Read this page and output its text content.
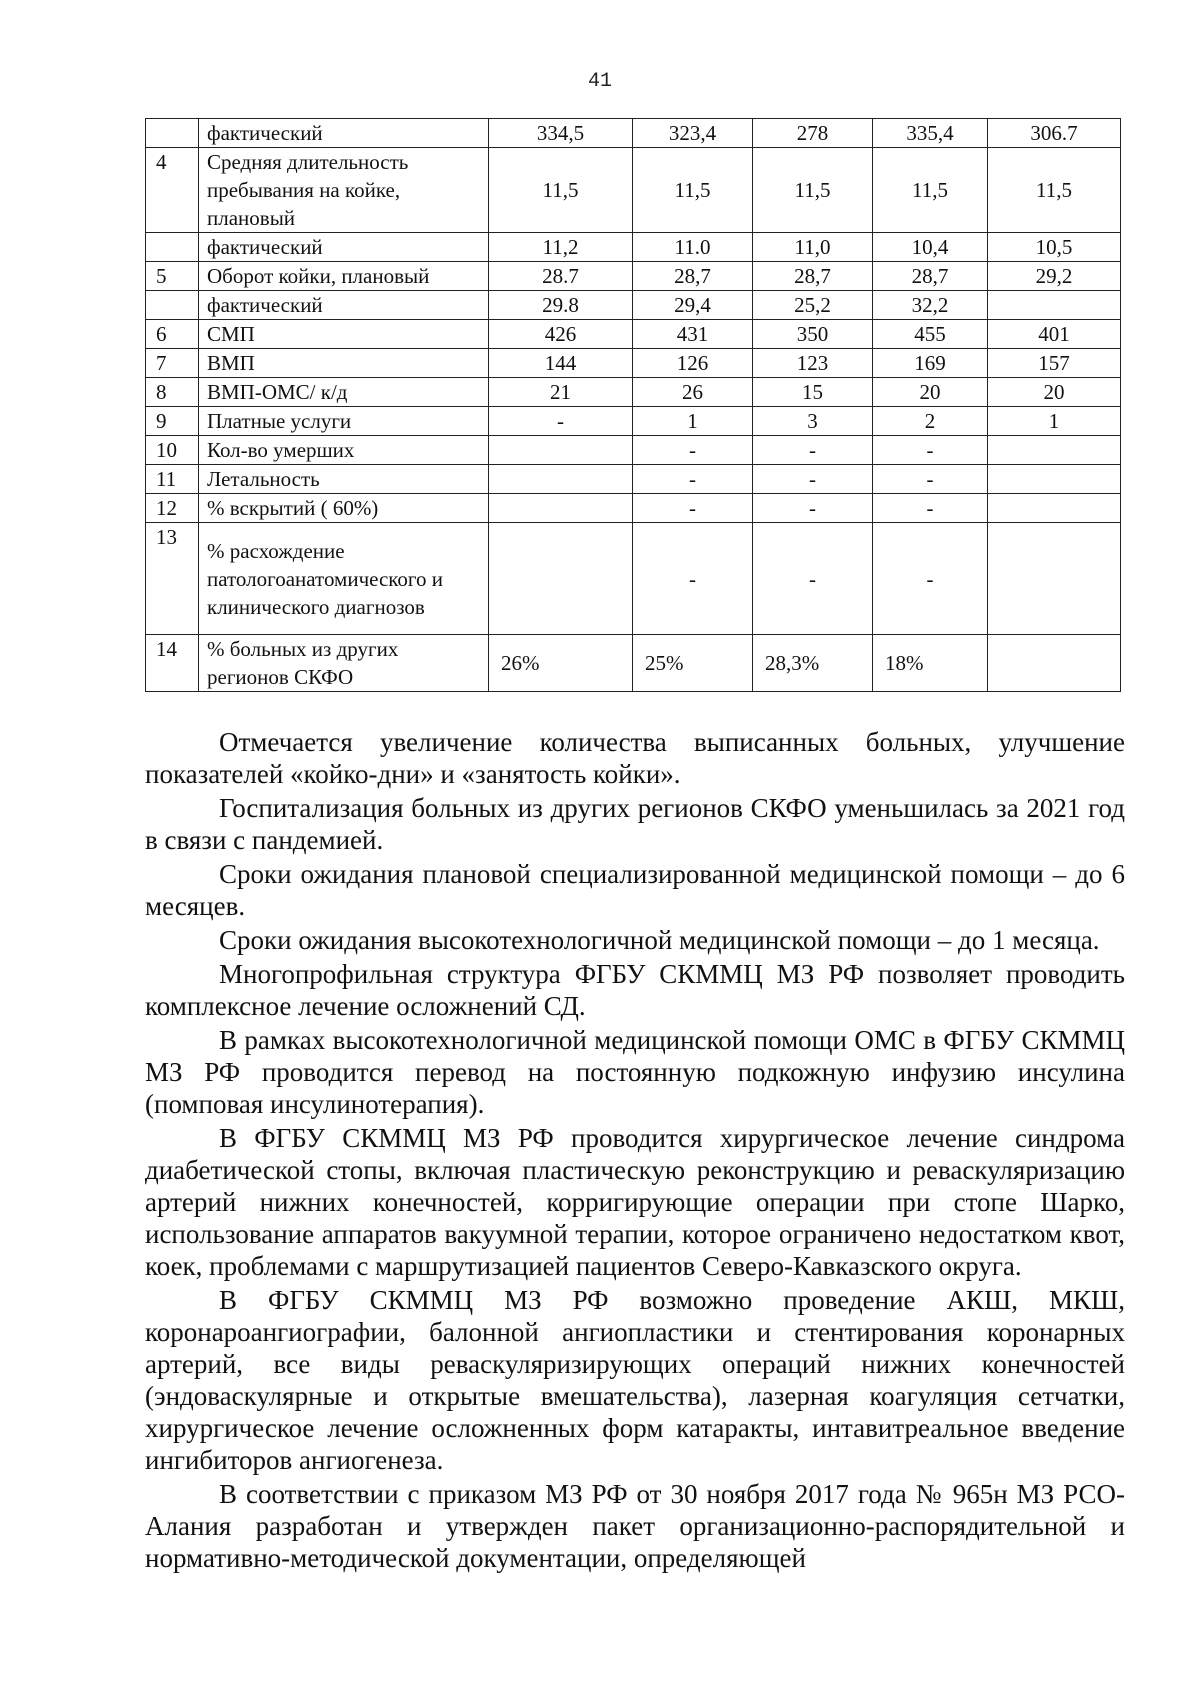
41
	фактический	334,5	323,4	278	335,4	306.7
4	Средняя длительность пребывания на койке, плановый	11,5	11,5	11,5	11,5	11,5
	фактический	11,2	11.0	11,0	10,4	10,5
5	Оборот койки, плановый	28.7	28,7	28,7	28,7	29,2
	фактический	29.8	29,4	25,2	32,2	
6	СМП	426	431	350	455	401
7	ВМП	144	126	123	169	157
8	ВМП-ОМС/ к/д	21	26	15	20	20
9	Платные услуги	-	1	3	2	1
10	Кол-во умерших		-	-	-	
11	Летальность		-	-	-	
12	% вскрытий ( 60%)		-	-	-	
13	% расхождение патологоанатомического и клинического диагнозов		-	-	-	
14	% больных из других регионов СКФО	26%	25%	28,3%	18%	

Отмечается увеличение количества выписанных больных, улучшение показателей «койко-дни» и «занятость койки».

Госпитализация больных из других регионов СКФО уменьшилась за 2021 год в связи с пандемией.

Сроки ожидания плановой специализированной медицинской помощи – до 6 месяцев.

Сроки ожидания высокотехнологичной медицинской помощи – до 1 месяца.

Многопрофильная структура ФГБУ СКММЦ МЗ РФ позволяет проводить комплексное лечение осложнений СД.

В рамках высокотехнологичной медицинской помощи ОМС в ФГБУ СКММЦ МЗ РФ проводится перевод на постоянную подкожную инфузию инсулина (помповая инсулинотерапия).

В ФГБУ СКММЦ МЗ РФ проводится хирургическое лечение синдрома диабетической стопы, включая пластическую реконструкцию и реваскуляризацию артерий нижних конечностей, корригирующие операции при стопе Шарко, использование аппаратов вакуумной терапии, которое ограничено недостатком квот, коек, проблемами с маршрутизацией пациентов Северо-Кавказского округа.

В ФГБУ СКММЦ МЗ РФ возможно проведение АКШ, МКШ, коронароангиографии, балонной ангиопластики и стентирования коронарных артерий, все виды реваскуляризирующих операций нижних конечностей (эндоваскулярные и открытые вмешательства), лазерная коагуляция сетчатки, хирургическое лечение осложненных форм катаракты, интавитреальное введение ингибиторов ангиогенеза.

В соответствии с приказом МЗ РФ от 30 ноября 2017 года № 965н МЗ РСО-Алания разработан и утвержден пакет организационно-распорядительной и нормативно-методической документации, определяющей
